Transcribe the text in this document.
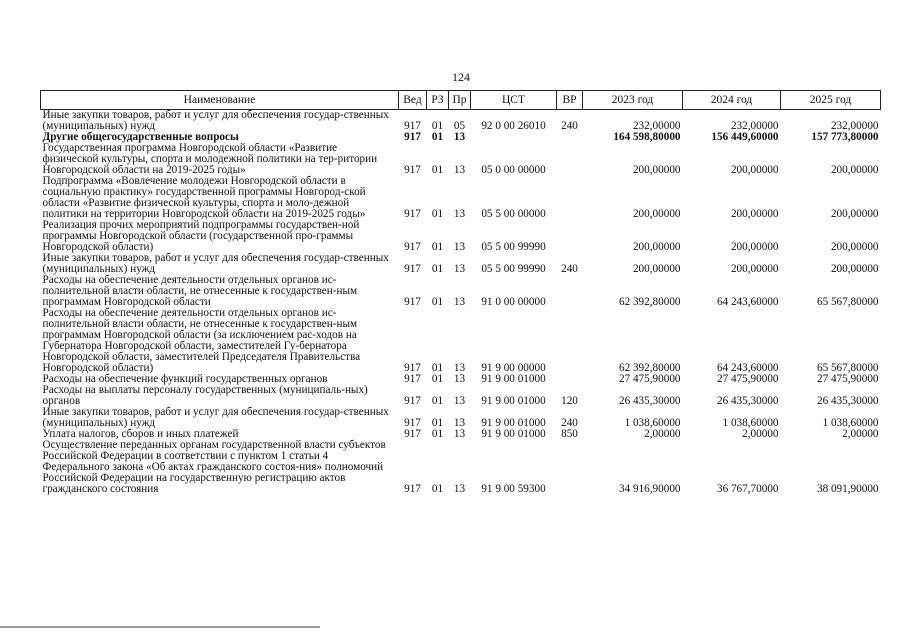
124
Наименование	Вед	РЗ	Пр	ЦСТ	ВР	2023 год	2024 год	2025 год
Иные закупки товаров, работ и услуг для обеспечения государ-ственных (муниципальных) нужд	917	01	05	92 0 00 26010	240	232,00000	232,00000	232,00000
Другие общегосударственные вопросы	917	01	13			164 598,80000	156 449,60000	157 773,80000
Государственная программа Новгородской области «Развитие физической культуры, спорта и молодежной политики на тер-ритории Новгородской области на 2019-2025 годы»	917	01	13	05 0 00 00000		200,00000	200,00000	200,00000
Подпрограмма «Вовлечение молодежи Новгородской области в социальную практику» государственной программы Новгород-ской области «Развитие физической культуры, спорта и моло-дежной политики на территории Новгородской области на 2019-2025 годы»	917	01	13	05 5 00 00000		200,00000	200,00000	200,00000
Реализация прочих мероприятий подпрограммы государствен-ной программы Новгородской области (государственной про-граммы Новгородской области)	917	01	13	05 5 00 99990		200,00000	200,00000	200,00000
Иные закупки товаров, работ и услуг для обеспечения государ-ственных (муниципальных) нужд	917	01	13	05 5 00 99990	240	200,00000	200,00000	200,00000
Расходы на обеспечение деятельности отдельных органов ис-полнительной власти области, не отнесенные к государствен-ным программам Новгородской области	917	01	13	91 0 00 00000		62 392,80000	64 243,60000	65 567,80000
Расходы на обеспечение деятельности отдельных органов ис-полнительной власти области, не отнесенные к государствен-ным программам Новгородской области (за исключением рас-ходов на Губернатора Новгородской области, заместителей Гу-бернатора Новгородской области, заместителей Председателя Правительства Новгородской области)	917	01	13	91 9 00 00000		62 392,80000	64 243,60000	65 567,80000
Расходы на обеспечение функций государственных органов	917	01	13	91 9 00 01000		27 475,90000	27 475,90000	27 475,90000
Расходы на выплаты персоналу государственных (муниципаль-ных) органов	917	01	13	91 9 00 01000	120	26 435,30000	26 435,30000	26 435,30000
Иные закупки товаров, работ и услуг для обеспечения государ-ственных (муниципальных) нужд	917	01	13	91 9 00 01000	240	1 038,60000	1 038,60000	1 038,60000
Уплата налогов, сборов и иных платежей	917	01	13	91 9 00 01000	850	2,00000	2,00000	2,00000
Осуществление переданных органам государственной власти субъектов Российской Федерации в соответствии с пунктом 1 статьи 4 Федерального закона «Об актах гражданского состоя-ния» полномочий Российской Федерации на государственную регистрацию актов гражданского состояния	917	01	13	91 9 00 59300		34 916,90000	36 767,70000	38 091,90000
